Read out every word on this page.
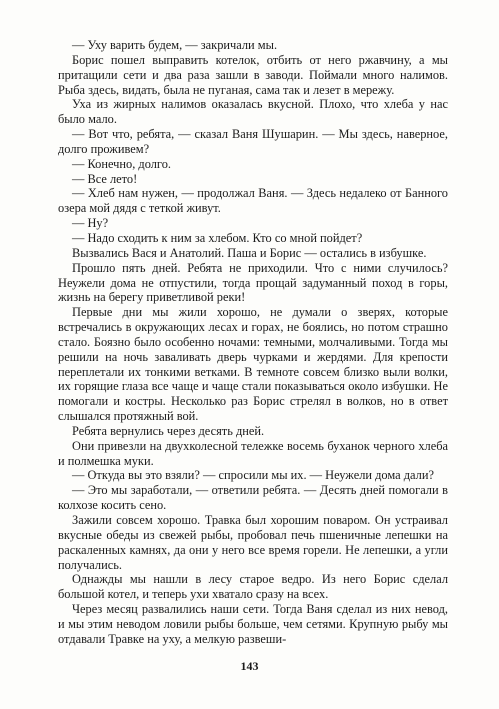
— Уху варить будем, — закричали мы.

Борис пошел выправить котелок, отбить от него ржавчину, а мы притащили сети и два раза зашли в заводи. Поймали много налимов. Рыба здесь, видать, была не пуганая, сама так и лезет в мережу.

Уха из жирных налимов оказалась вкусной. Плохо, что хлеба у нас было мало.

— Вот что, ребята, — сказал Ваня Шушарин. — Мы здесь, наверное, долго проживем?

— Конечно, долго.

— Все лето!

— Хлеб нам нужен, — продолжал Ваня. — Здесь недалеко от Банного озера мой дядя с теткой живут.

— Ну?

— Надо сходить к ним за хлебом. Кто со мной пойдет?

Вызвались Вася и Анатолий. Паша и Борис — остались в избушке.

Прошло пять дней. Ребята не приходили. Что с ними случилось? Неужели дома не отпустили, тогда прощай задуманный поход в горы, жизнь на берегу приветливой реки!

Первые дни мы жили хорошо, не думали о зверях, которые встречались в окружающих лесах и горах, не боялись, но потом страшно стало. Боязно было особенно ночами: темными, молчаливыми. Тогда мы решили на ночь заваливать дверь чурками и жердями. Для крепости переплетали их тонкими ветками. В темноте совсем близко выли волки, их горящие глаза все чаще и чаще стали показываться около избушки. Не помогали и костры. Несколько раз Борис стрелял в волков, но в ответ слышался протяжный вой.

Ребята вернулись через десять дней.

Они привезли на двухколесной тележке восемь буханок черного хлеба и полмешка муки.

— Откуда вы это взяли? — спросили мы их. — Неужели дома дали?

— Это мы заработали, — ответили ребята. — Десять дней помогали в колхозе косить сено.

Зажили совсем хорошо. Травка был хорошим поваром. Он устраивал вкусные обеды из свежей рыбы, пробовал печь пшеничные лепешки на раскаленных камнях, да они у него все время горели. Не лепешки, а угли получались.

Однажды мы нашли в лесу старое ведро. Из него Борис сделал большой котел, и теперь ухи хватало сразу на всех.

Через месяц развалились наши сети. Тогда Ваня сделал из них невод, и мы этим неводом ловили рыбы больше, чем сетями. Крупную рыбу мы отдавали Травке на уху, а мелкую развеши-

143
